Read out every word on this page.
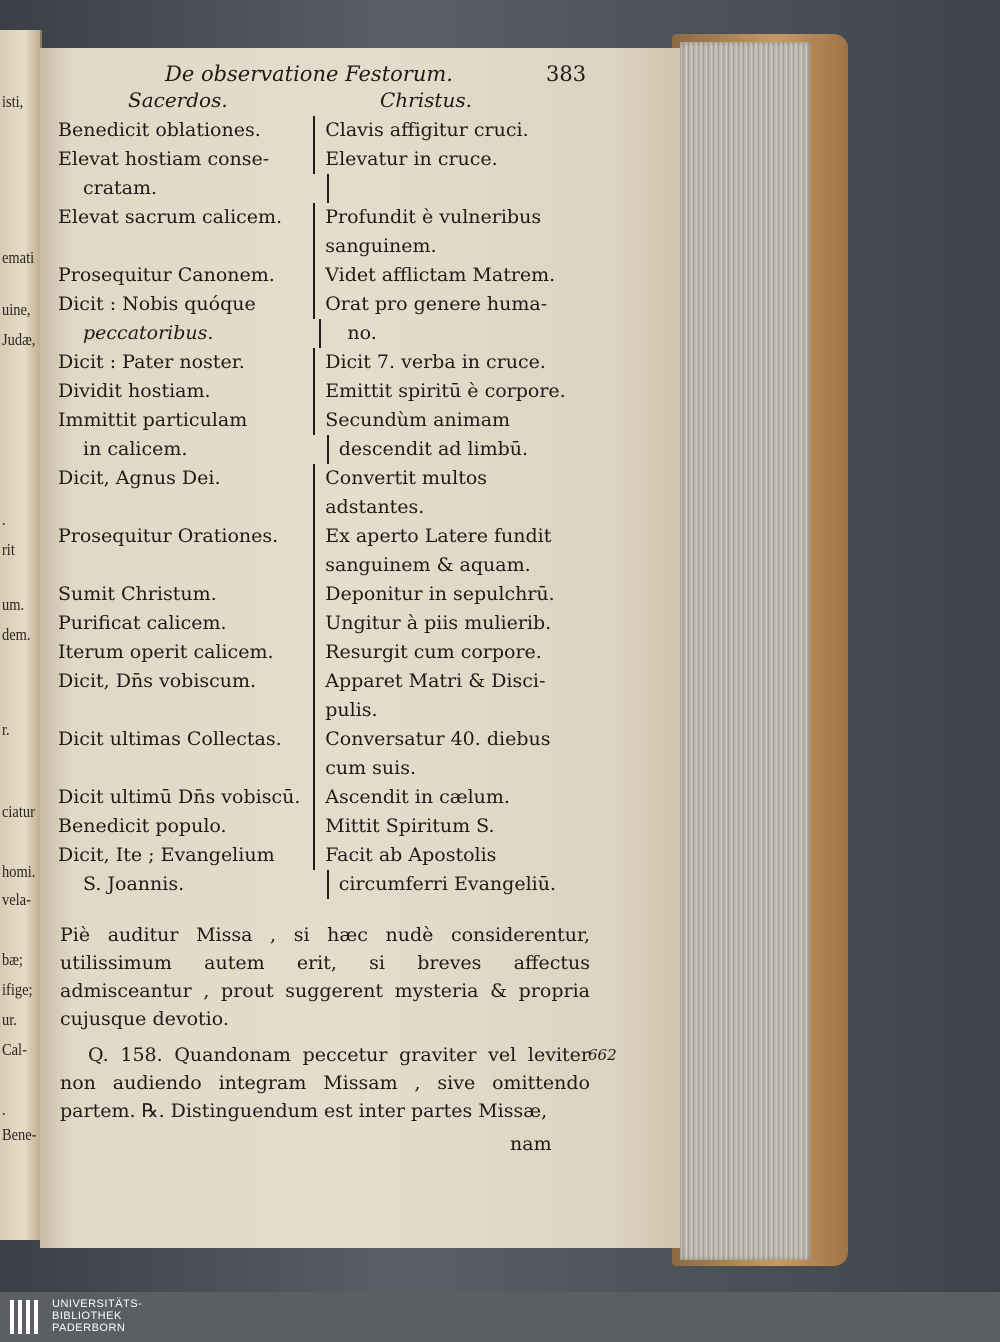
isti,
emati
uine,
Judæ,
.
rit
um.
dem.
r.
ciatur
homi.
vela-
bæ;
ifige;
ur.
Cal-
.
Bene-
De observatione Festorum.	383
Sacerdos.	Christus.
Benedicit oblationes.	Clavis affigitur cruci.
Elevat hostiam conse-	Elevatur in cruce.
cratam.
Elevat sacrum calicem.	Profundit è vulneribus
sanguinem.
Prosequitur Canonem.	Videt afflictam Matrem.
Dicit : Nobis quóque	Orat pro genere huma-
peccatoribus.	no.
Dicit : Pater noster.	Dicit 7. verba in cruce.
Dividit hostiam.	Emittit spiritū è corpore.
Immittit particulam	Secundùm animam
in calicem.	descendit ad limbū.
Dicit, Agnus Dei.	Convertit multos
adstantes.
Prosequitur Orationes.	Ex aperto Latere fundit
sanguinem & aquam.
Sumit Christum.	Deponitur in sepulchrū.
Purificat calicem.	Ungitur à piis mulierib.
Iterum operit calicem.	Resurgit cum corpore.
Dicit, Dn̄s vobiscum.	Apparet Matri & Disci-
pulis.
Dicit ultimas Collectas.	Conversatur 40. diebus
cum suis.
Dicit ultimū Dn̄s vobiscū.	Ascendit in cælum.
Benedicit populo.	Mittit Spiritum S.
Dicit, Ite ; Evangelium	Facit ab Apostolis
S. Joannis.	circumferri Evangeliū.

Piè auditur Missa , si hæc nudè considerentur, utilissimum autem erit, si breves affectus admisceantur , prout suggerent mysteria & propria cujusque devotio.

Q. 158. Quandonam peccetur graviter vel leviter non audiendo integram Missam , sive omittendo partem. ℞. Distinguendum est inter partes Missæ,

662
nam
UNIVERSITÄTS-
BIBLIOTHEK
PADERBORN
